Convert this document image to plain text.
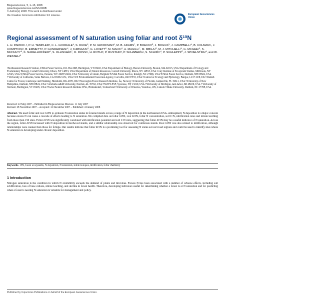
Biogeosciences, 5, 1–16, 2008
www.biogeosciences.net/5/1/2008/
© Author(s) 2008. This work is distributed under
the Creative Commons Attribution 3.0 License.	European Geosciences Union
Regional assessment of N saturation using foliar and root $\delta^{15}N$
L. H. PARDO¹·², P. H. TEMPLER³, C. L. GOODALE⁴, S. DUKE⁵, P. M. GROFFMAN⁶, M. B. ADAMS⁷, P. BOECKX⁸, J. BOGGS⁹, J. CAMPBELL¹⁰, B. COLMAN¹¹, J. COMPTON¹², B. EMMETT¹³, P. GUNDERSEN¹⁴, J. KJØNAAS¹⁵, G. LOVETT⁶, M. MACK¹⁶, A. MAGILL¹⁷, M. MBILA¹⁸, M. J. MITCHELL¹⁹, G. MCGEE¹⁹, S. MCNULTY⁹, K. NADELHOFFER²⁰, S. OLLINGER¹⁷, D. ROSS²¹, H. ROTH²², P. RUSTAD²³, P. SCHABERG¹, S. SCHIFF²⁴, P. SCHLEPPI²⁵, J. SPOELSTRA²⁴, and W. WESSEL²⁶
¹Northeastern Research Station, USDA Forest Service, P.O. Box 968, Burlington, VT 05402, USA ²Department of Biology, Boston University, Boston, MA 02215, USA ³Department of Ecology and Evolutionary Biology, Cornell University, Ithaca, NY 14853, USA ⁴Department of Natural Resources, Cornell University, Ithaca, NY 14853, USA ⁵Cary Institute of Ecosystem Studies, Millbrook, NY 12545, USA ⁶USDA Forest Service, Parsons, WV 26287-0404, USA ⁷University of Ghent, Belgium ⁸USDA Forest Service, Raleigh, NC 27606, USA ⁹USDA Forest Service, Durham, NH 03824, USA ¹⁰University of California, Santa Barbara, CA 93106-5131, USA ¹¹US Environmental Protection Agency, Corvallis, OR 97333, USA ¹²Centre for Ecology and Hydrology, Bangor, LL57 2UP, UK ¹³Danish Centre for Forest, Landscape and Planning, Hørsholm, DK-2970, DK ¹⁴Norwegian Forest Research Institute, Ås, Norway ¹⁵University of Florida, Gainesville, FL 32611, USA ¹⁶University of New Hampshire, Durham, NH 03824, USA ¹⁷Alabama A&M University, Normal, AL 35762, USA ¹⁸SUNY-ESF, Syracuse, NY 13210, USA ¹⁹University of Michigan, Ann Arbor, MI 48109, USA ²⁰University of Vermont, Burlington, VT 05405, USA ²¹Swiss Federal Research Institute WSL, Birmensdorf, Switzerland ²²University of Waterloo, Waterloo, ON, Canada ²³Duke University, Durham, NC 27708, USA
Received: 22 May 2007 – Published in Biogeosciences Discuss.: 11 July 2007
Revised: 28 November 2007 – Accepted: 12 December 2007 – Published: 4 January 2008
Abstract. We used foliar and root δ15N to evaluate N saturation status in forested stands across a range of N deposition in the northeastern USA. Atmospheric N deposition is a major concern because excess N can cause a cascade of effects leading to N saturation. We compiled data on foliar δ15N, root δ15N, foliar N concentration, soil C:N, nitrification rates and nitrate leaching from more than 150 sites. Foliar δ15N was significantly correlated with nitrification potential and soil C:N ratio, suggesting that foliar δ15N may be a useful indicator of N saturation. Across the region, foliar δ15N increased with N deposition in hardwood stands, and a similar relationship was observed for coniferous stands. Root δ15N was also related to nitrification, although relationships were weaker than those for foliage. Our results indicate that foliar δ15N is a promising tool for assessing N status across broad regions and could be used to identify sites where N saturation is developing under chronic deposition.
Keywords. 15N, forest ecosystems, N deposition, N saturation, stable isotopes, nitrification, foliar chemistry
1 Introduction
Nitrogen saturation is the condition in which N availability exceeds the demand of plants and microbes. Excess N has been associated with a number of adverse effects, including soil acidification, loss of base cations, nitrate leaching, and decline in forest health. Therefore, developing indicators useful for determining whether a forest is at N saturation and for predicting when a forest is nearing N saturation is valuable for management and policy.
Published by Copernicus Publications on behalf of the European Geosciences Union.
